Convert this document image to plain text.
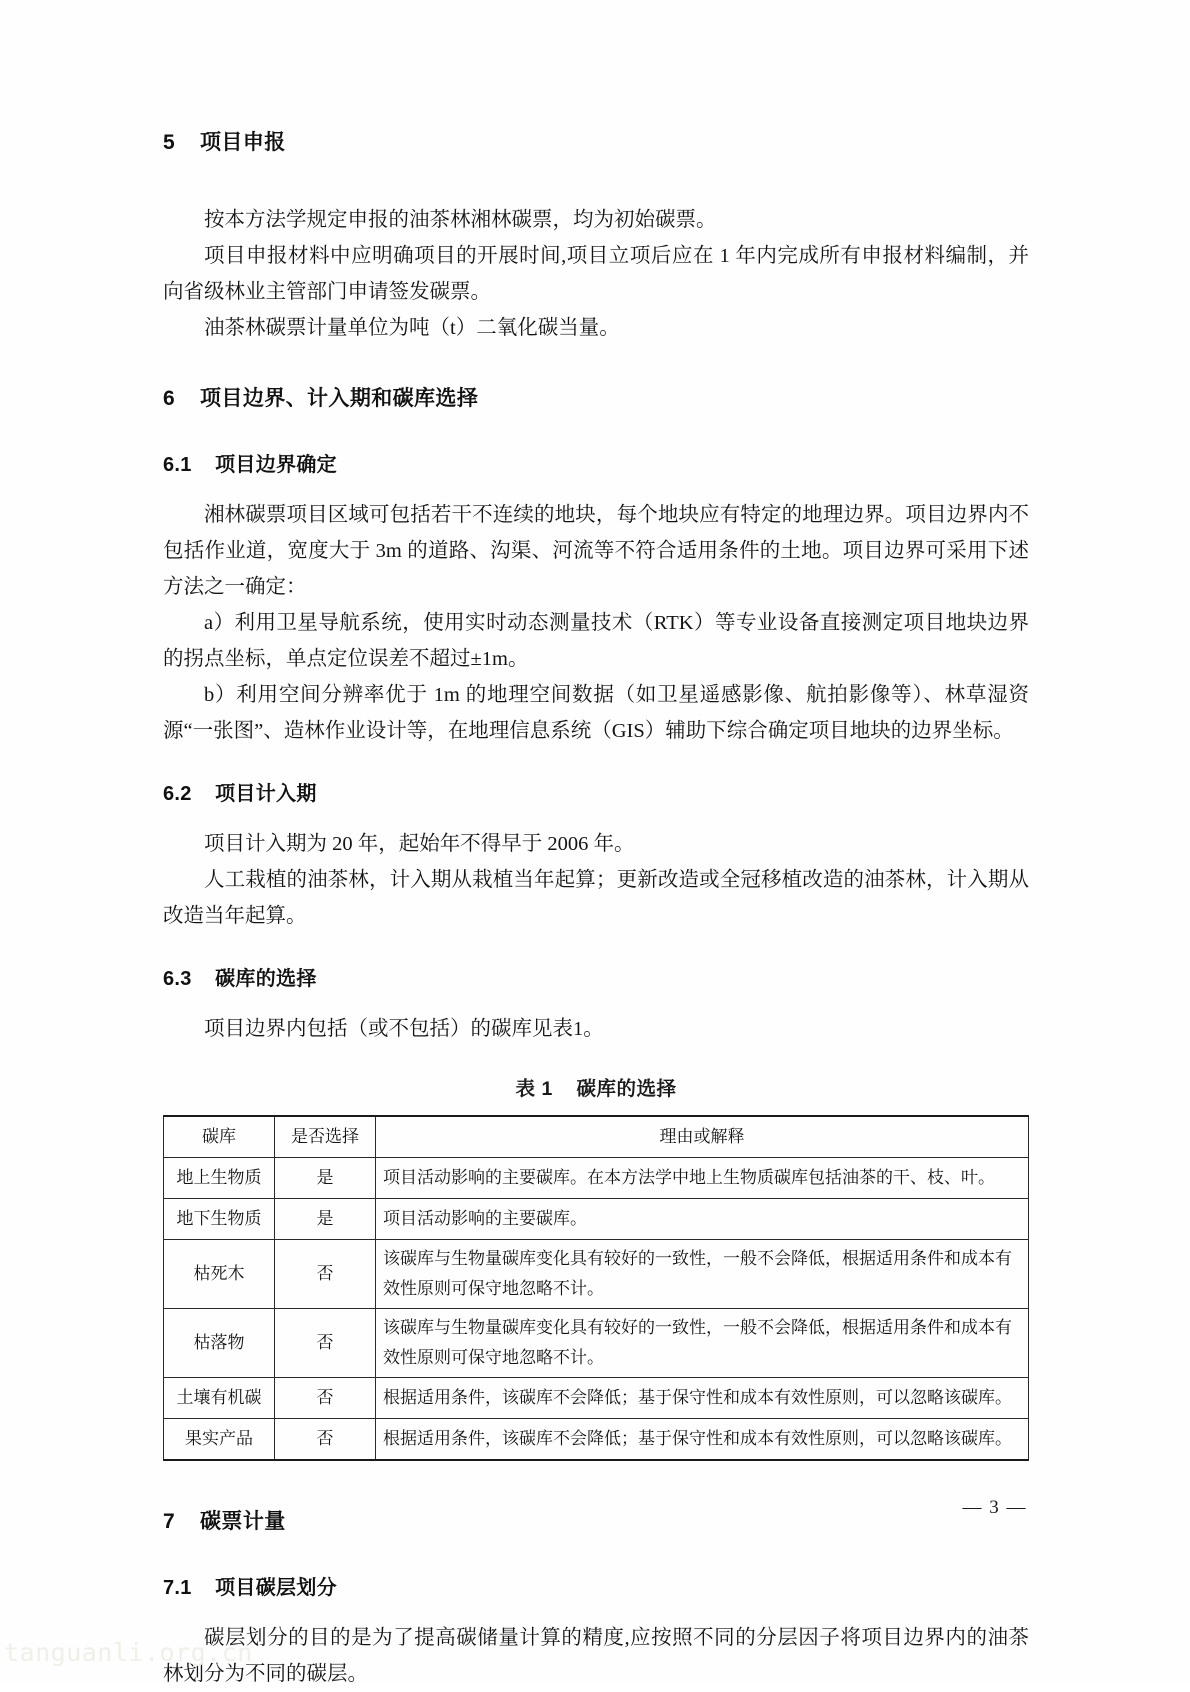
5    项目申报

按本方法学规定申报的油茶林湘林碳票，均为初始碳票。

项目申报材料中应明确项目的开展时间,项目立项后应在 1 年内完成所有申报材料编制，并向省级林业主管部门申请签发碳票。

油茶林碳票计量单位为吨（t）二氧化碳当量。

6    项目边界、计入期和碳库选择
6.1    项目边界确定

湘林碳票项目区域可包括若干不连续的地块，每个地块应有特定的地理边界。项目边界内不包括作业道，宽度大于 3m 的道路、沟渠、河流等不符合适用条件的土地。项目边界可采用下述方法之一确定：

a）利用卫星导航系统，使用实时动态测量技术（RTK）等专业设备直接测定项目地块边界的拐点坐标，单点定位误差不超过±1m。

b）利用空间分辨率优于 1m 的地理空间数据（如卫星遥感影像、航拍影像等）、林草湿资源“一张图”、造林作业设计等，在地理信息系统（GIS）辅助下综合确定项目地块的边界坐标。

6.2    项目计入期

项目计入期为 20 年，起始年不得早于 2006 年。

人工栽植的油茶林，计入期从栽植当年起算；更新改造或全冠移植改造的油茶林，计入期从改造当年起算。

6.3    碳库的选择

项目边界内包括（或不包括）的碳库见表1。

表 1    碳库的选择
碳库	是否选择	理由或解释
地上生物质	是	项目活动影响的主要碳库。在本方法学中地上生物质碳库包括油茶的干、枝、叶。
地下生物质	是	项目活动影响的主要碳库。
枯死木	否	该碳库与生物量碳库变化具有较好的一致性，一般不会降低，根据适用条件和成本有效性原则可保守地忽略不计。
枯落物	否	该碳库与生物量碳库变化具有较好的一致性，一般不会降低，根据适用条件和成本有效性原则可保守地忽略不计。
土壤有机碳	否	根据适用条件，该碳库不会降低；基于保守性和成本有效性原则，可以忽略该碳库。
果实产品	否	根据适用条件，该碳库不会降低；基于保守性和成本有效性原则，可以忽略该碳库。
7    碳票计量
7.1    项目碳层划分

碳层划分的目的是为了提高碳储量计算的精度,应按照不同的分层因子将项目边界内的油茶林划分为不同的碳层。

— 3 —
tanguanli.org.cn
